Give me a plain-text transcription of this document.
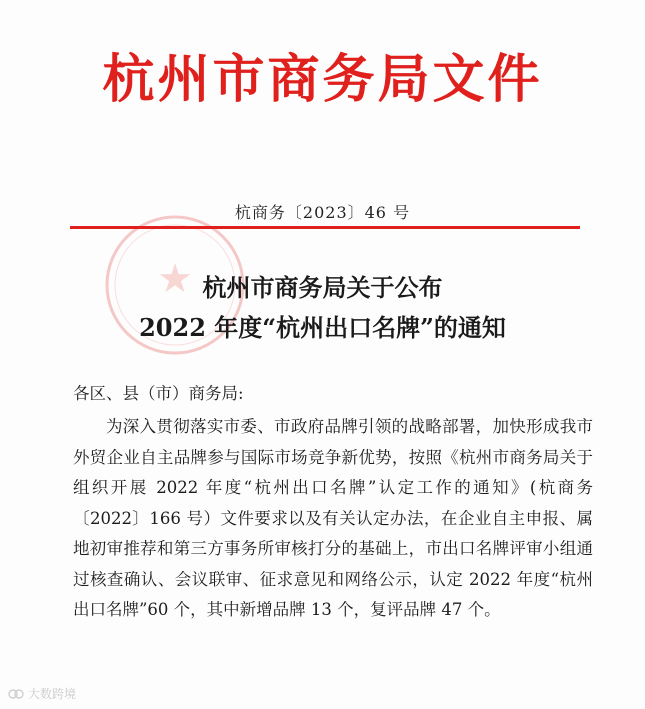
杭州市商务局文件
★
杭商务〔2023〕46 号
杭州市商务局关于公布
2022 年度“杭州出口名牌”的通知
各区、县（市）商务局:
为深入贯彻落实市委、市政府品牌引领的战略部署，加快形成我市外贸企业自主品牌参与国际市场竞争新优势，按照《杭州市商务局关于组织开展 2022 年度“杭州出口名牌”认定工作的通知》(杭商务〔2022〕166 号）文件要求以及有关认定办法，在企业自主申报、属地初审推荐和第三方事务所审核打分的基础上，市出口名牌评审小组通过核查确认、会议联审、征求意见和网络公示，认定 2022 年度“杭州出口名牌”60 个，其中新增品牌 13 个，复评品牌 47 个。
大数跨境
